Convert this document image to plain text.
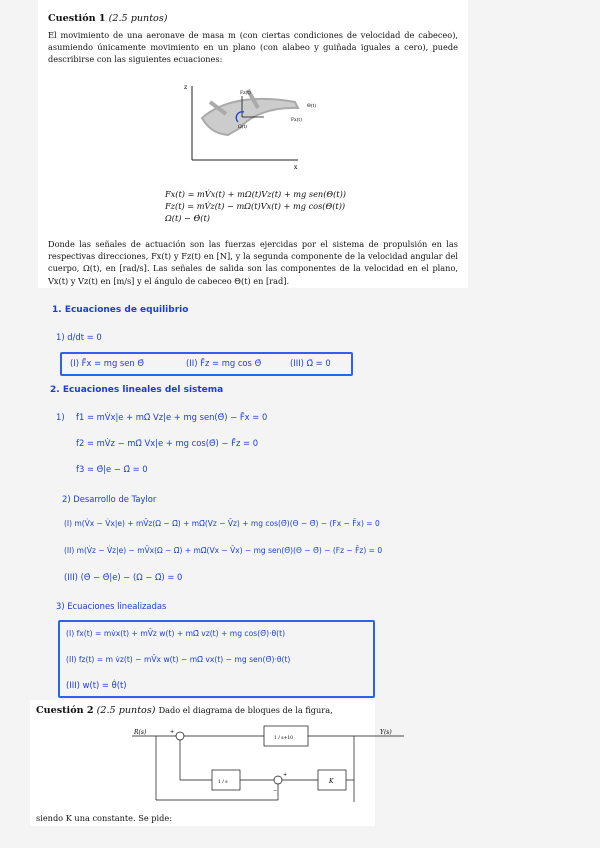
Cuestión 1 (2.5 puntos)
El movimiento de una aeronave de masa m (con ciertas condiciones de velocidad de cabeceo), asumiendo únicamente movimiento en un plano (con alabeo y guiñada iguales a cero), puede describirse con las siguientes ecuaciones:
z
x
Fz(t)
Fx(t)
Θ(t)
Ω(t)
Fx(t) = mV̇x(t) + mΩ(t)Vz(t) + mg sen(Θ(t))
Fz(t) = mV̇z(t) − mΩ(t)Vx(t) + mg cos(Θ(t))
Ω(t) − Θ̇(t)
Donde las señales de actuación son las fuerzas ejercidas por el sistema de propulsión en las respectivas direcciones, Fx(t) y Fz(t) en [N], y la segunda componente de la velocidad angular del cuerpo, Ω(t), en [rad/s]. Las señales de salida son las componentes de la velocidad en el plano, Vx(t) y Vz(t) en [m/s] y el ángulo de cabeceo Θ(t) en [rad].
1. Ecuaciones de equilibrio
1) d/dt = 0
(I) F̄x = mg sen Θ̄	(II) F̄z = mg cos Θ̄	(III) Ω̄ = 0
2. Ecuaciones lineales del sistema
1) f1 = mV̇x|e + mΩ̄ Vz|e + mg sen(Θ̄) − F̄x = 0
f2 = mV̇z − mΩ̄ Vx|e + mg cos(Θ̄) − F̄z = 0
f3 = Θ̇|e − Ω̄ = 0
2) Desarrollo de Taylor
(I) m(V̇x − V̇x|e) + mV̄z(Ω − Ω̄) + mΩ̄(Vz − V̄z) + mg cos(Θ̄)(Θ − Θ̄) − (Fx − F̄x) = 0
(II) m(V̇z − V̇z|e) − mV̄x(Ω − Ω̄) + mΩ̄(Vx − V̄x) − mg sen(Θ̄)(Θ − Θ̄) − (Fz − F̄z) = 0
(III) (Θ̇ − Θ̇|e) − (Ω − Ω̄) = 0
3) Ecuaciones linealizadas
(I) fx(t) = mv̇x(t) + mV̄z w(t) + mΩ̄ vz(t) + mg cos(Θ̄)·θ(t)
(II) fz(t) = m v̇z(t) − mV̄x w(t) − mΩ̄ vx(t) − mg sen(Θ̄)·θ(t)
(III) w(t) = θ̇(t)
Cuestión 2 (2.5 puntos) Dado el diagrama de bloques de la figura,
R(s)	+
1 / s+10
Y(s)
K
+
−
1 / s
siendo K una constante. Se pide:
